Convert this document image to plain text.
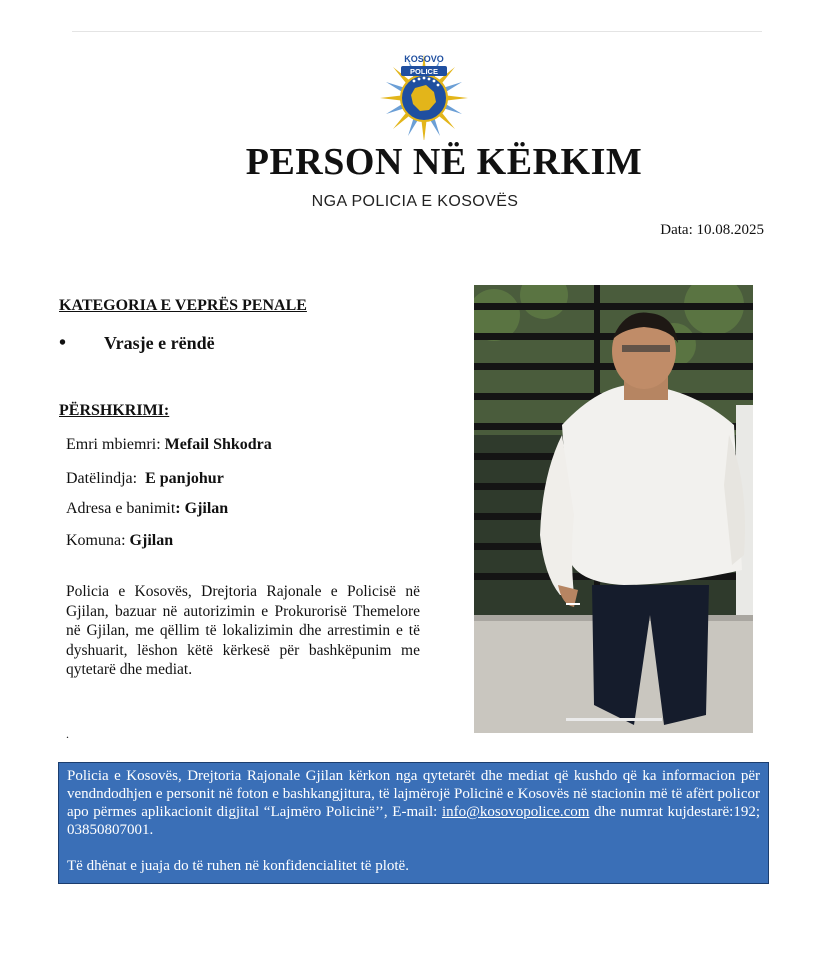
KOSOVO
POLICE
PERSON NË KËRKIM
NGA POLICIA E KOSOVËS
Data: 10.08.2025
KATEGORIA E VEPRËS PENALE
• Vrasje e rëndë
PËRSHKRIMI:
Emri mbiemri: Mefail Shkodra
Datëlindja:  E panjohur
Adresa e banimit: Gjilan
Komuna: Gjilan
Policia e Kosovës, Drejtoria Rajonale e Policisë në Gjilan, bazuar në autorizimin e Prokurorisë Themelore në Gjilan, me qëllim të lokalizimin dhe arrestimin e të dyshuarit, lëshon këtë kërkesë për bashkëpunim me qytetarë dhe mediat.
.
Policia e Kosovës, Drejtoria Rajonale Gjilan kërkon nga qytetarët dhe mediat që kushdo që ka informacion për vendndodhjen e personit në foton e bashkangjitura, të lajmërojë Policinë e Kosovës në stacionin më të afërt policor apo përmes aplikacionit digjital “Lajmëro Policinë’’, E-mail: info@kosovopolice.com dhe numrat kujdestarë:192; 03850807001.
Të dhënat e juaja do të ruhen në konfidencialitet të plotë.
